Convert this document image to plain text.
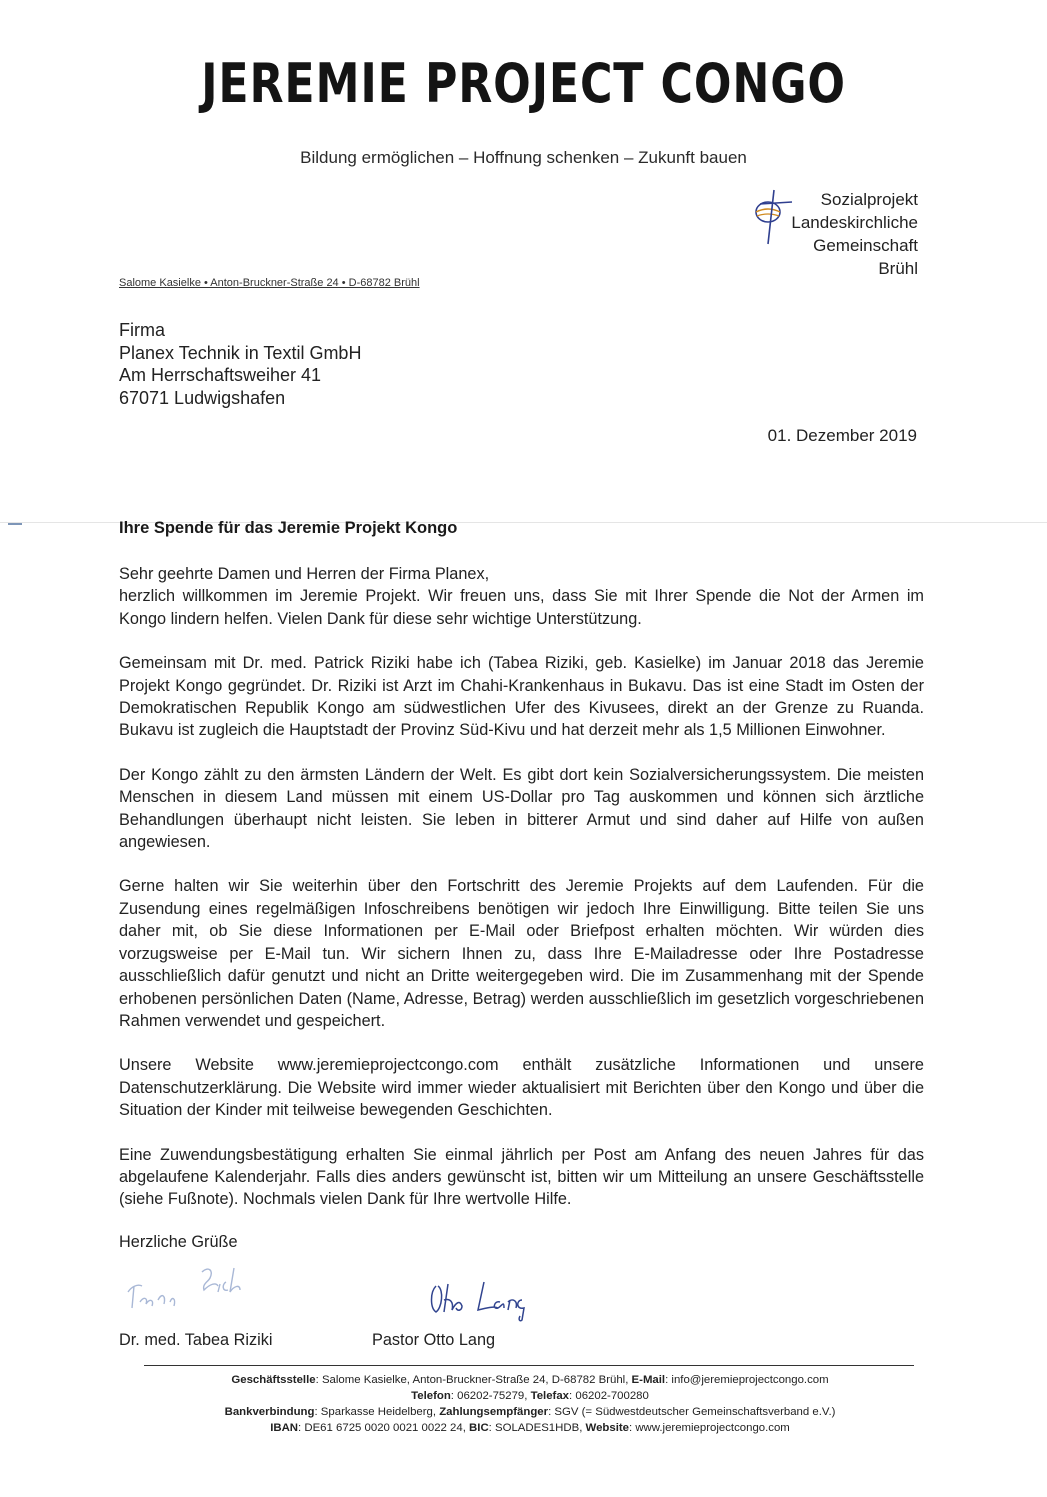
JEREMIE PROJECT CONGO
Bildung ermöglichen – Hoffnung schenken – Zukunft bauen
Sozialprojekt
Landeskirchliche
Gemeinschaft
Brühl
Salome Kasielke • Anton-Bruckner-Straße 24 • D-68782 Brühl
Firma
Planex Technik in Textil GmbH
Am Herrschaftsweiher 41
67071 Ludwigshafen
01. Dezember 2019
Ihre Spende für das Jeremie Projekt Kongo

Sehr geehrte Damen und Herren der Firma Planex,
herzlich willkommen im Jeremie Projekt. Wir freuen uns, dass Sie mit Ihrer Spende die Not der Armen im Kongo lindern helfen. Vielen Dank für diese sehr wichtige Unterstützung.

Gemeinsam mit Dr. med. Patrick Riziki habe ich (Tabea Riziki, geb. Kasielke) im Januar 2018 das Jeremie Projekt Kongo gegründet. Dr. Riziki ist Arzt im Chahi-Krankenhaus in Bukavu. Das ist eine Stadt im Osten der Demokratischen Republik Kongo am südwestlichen Ufer des Kivusees, direkt an der Grenze zu Ruanda. Bukavu ist zugleich die Hauptstadt der Provinz Süd-Kivu und hat derzeit mehr als 1,5 Millionen Einwohner.

Der Kongo zählt zu den ärmsten Ländern der Welt. Es gibt dort kein Sozialversicherungssystem. Die meisten Menschen in diesem Land müssen mit einem US-Dollar pro Tag auskommen und können sich ärztliche Behandlungen überhaupt nicht leisten. Sie leben in bitterer Armut und sind daher auf Hilfe von außen angewiesen.

Gerne halten wir Sie weiterhin über den Fortschritt des Jeremie Projekts auf dem Laufenden. Für die Zusendung eines regelmäßigen Infoschreibens benötigen wir jedoch Ihre Einwilligung. Bitte teilen Sie uns daher mit, ob Sie diese Informationen per E-Mail oder Briefpost erhalten möchten. Wir würden dies vorzugsweise per E-Mail tun. Wir sichern Ihnen zu, dass Ihre E-Mailadresse oder Ihre Postadresse ausschließlich dafür genutzt und nicht an Dritte weitergegeben wird. Die im Zusammenhang mit der Spende erhobenen persönlichen Daten (Name, Adresse, Betrag) werden ausschließlich im gesetzlich vorgeschriebenen Rahmen verwendet und gespeichert.

Unsere Website www.jeremieprojectcongo.com enthält zusätzliche Informationen und unsere Datenschutzerklärung. Die Website wird immer wieder aktualisiert mit Berichten über den Kongo und über die Situation der Kinder mit teilweise bewegenden Geschichten.

Eine Zuwendungsbestätigung erhalten Sie einmal jährlich per Post am Anfang des neuen Jahres für das abgelaufene Kalenderjahr. Falls dies anders gewünscht ist, bitten wir um Mitteilung an unsere Geschäftsstelle (siehe Fußnote). Nochmals vielen Dank für Ihre wertvolle Hilfe.

Herzliche Grüße
Dr. med. Tabea Riziki	Pastor Otto Lang
Geschäftsstelle: Salome Kasielke, Anton-Bruckner-Straße 24, D-68782 Brühl, E-Mail: info@jeremieprojectcongo.com
Telefon: 06202-75279, Telefax: 06202-700280
Bankverbindung: Sparkasse Heidelberg, Zahlungsempfänger: SGV (= Südwestdeutscher Gemeinschaftsverband e.V.)
IBAN: DE61 6725 0020 0021 0022 24, BIC: SOLADES1HDB, Website: www.jeremieprojectcongo.com
